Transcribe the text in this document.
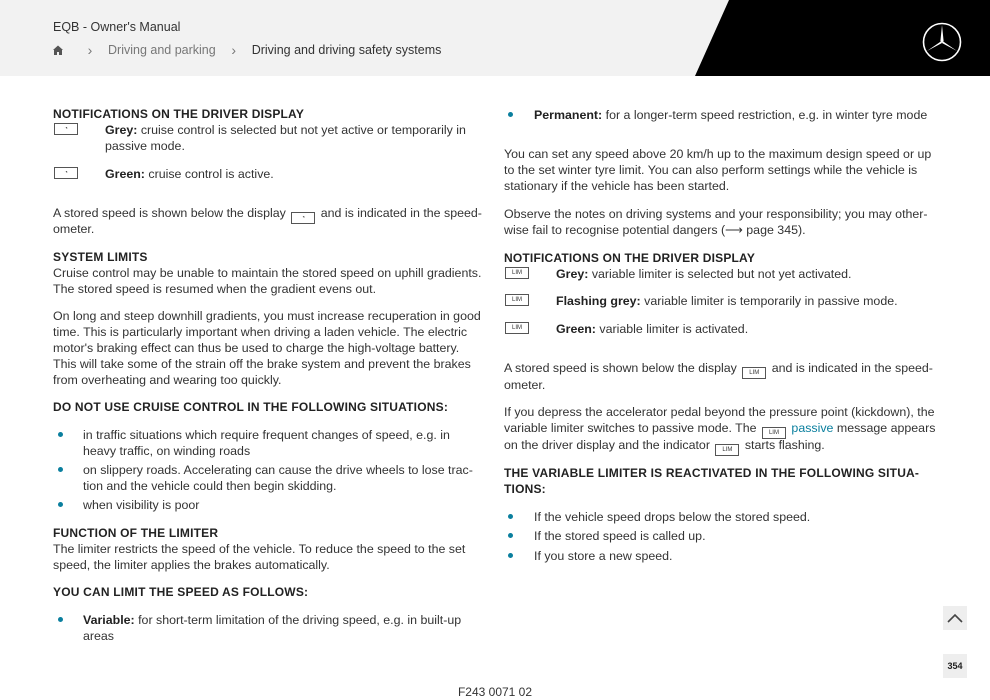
EQB - Owner's Manual
›	Driving and parking	›	Driving and driving safety systems
NOTIFICATIONS ON THE DRIVER DISPLAY
◔	Grey: cruise control is selected but not yet active or temporarily in
passive mode.
◔	Green: cruise control is active.
A stored speed is shown below the display	◔ and is indicated in the speed-
ometer.
SYSTEM LIMITS
Cruise control may be unable to maintain the stored speed on uphill gradients.
The stored speed is resumed when the gradient evens out.
On long and steep downhill gradients, you must increase recuperation in good
time. This is particularly important when driving a laden vehicle. The electric
motor's braking effect can thus be used to charge the high-voltage battery.
This will take some of the strain off the brake system and prevent the brakes
from overheating and wearing too quickly.
DO NOT USE CRUISE CONTROL IN THE FOLLOWING SITUATIONS:
in traffic situations which require frequent changes of speed, e.g. in
heavy traffic, on winding roads
on slippery roads. Accelerating can cause the drive wheels to lose trac-
tion and the vehicle could then begin skidding.
when visibility is poor
FUNCTION OF THE LIMITER
The limiter restricts the speed of the vehicle. To reduce the speed to the set
speed, the limiter applies the brakes automatically.
YOU CAN LIMIT THE SPEED AS FOLLOWS:
Variable: for short-term limitation of the driving speed, e.g. in built-up
areas
Permanent: for a longer-term speed restriction, e.g. in winter tyre mode
You can set any speed above 20 km/h up to the maximum design speed or up
to the set winter tyre limit. You can also perform settings while the vehicle is
stationary if the vehicle has been started.
Observe the notes on driving systems and your responsibility; you may other-
wise fail to recognise potential dangers (⟶ page 345).
NOTIFICATIONS ON THE DRIVER DISPLAY
LIM	Grey: variable limiter is selected but not yet activated.
LIM	Flashing grey: variable limiter is temporarily in passive mode.
LIM	Green: variable limiter is activated.
A stored speed is shown below the display LIM and is indicated in the speed-
ometer.
If you depress the accelerator pedal beyond the pressure point (kickdown), the
variable limiter switches to passive mode. The LIM passive message appears
on the driver display and the indicator LIM starts flashing.
THE VARIABLE LIMITER IS REACTIVATED IN THE FOLLOWING SITUA-
TIONS:
If the vehicle speed drops below the stored speed.
If the stored speed is called up.
If you store a new speed.
354
F243 0071 02
